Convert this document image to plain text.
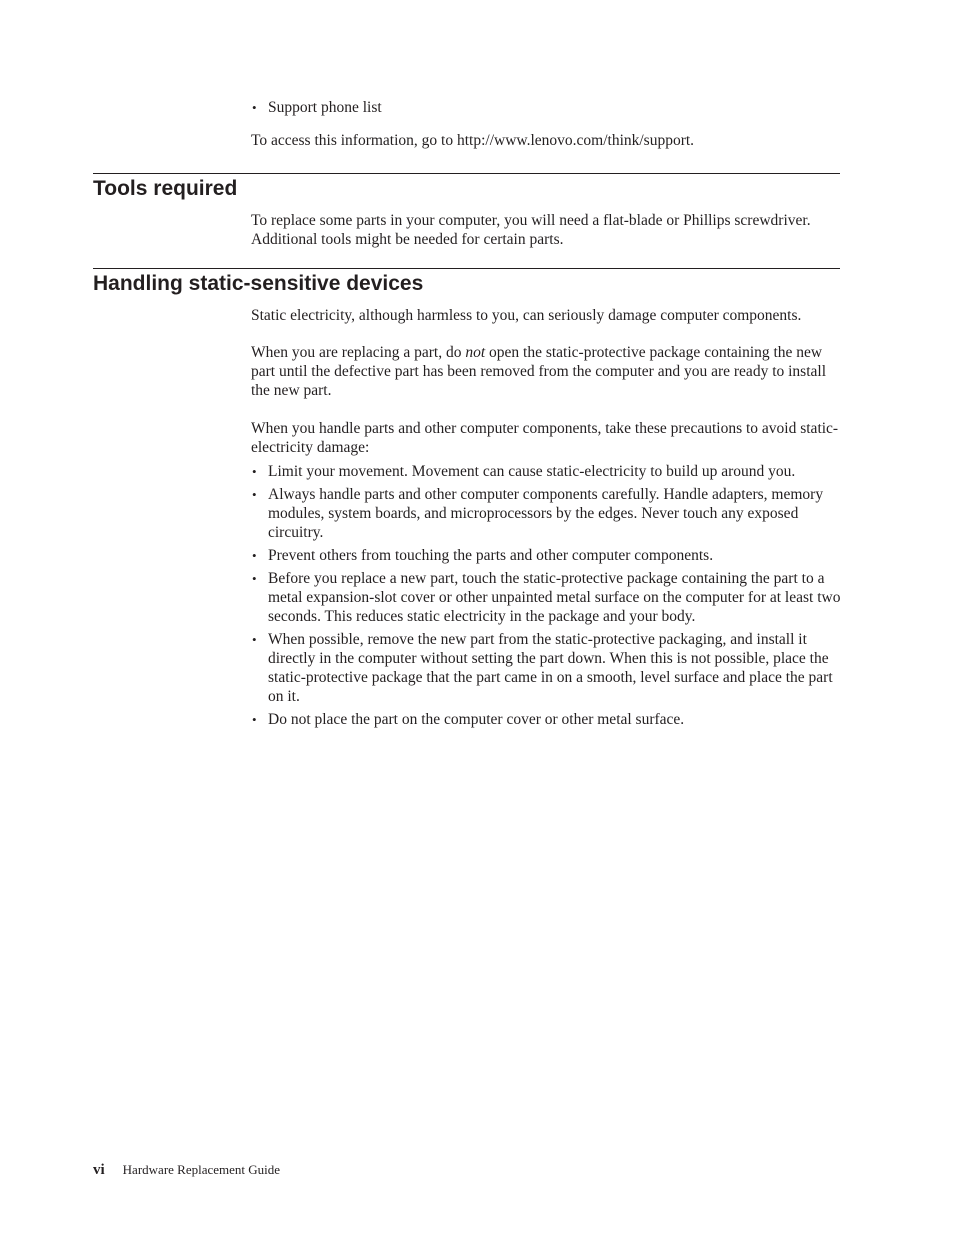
• Support phone list

To access this information, go to http://www.lenovo.com/think/support.

Tools required

To replace some parts in your computer, you will need a flat-blade or Phillips screwdriver. Additional tools might be needed for certain parts.

Handling static-sensitive devices

Static electricity, although harmless to you, can seriously damage computer components.

When you are replacing a part, do not open the static-protective package containing the new part until the defective part has been removed from the computer and you are ready to install the new part.

When you handle parts and other computer components, take these precautions to avoid static-electricity damage:

• Limit your movement. Movement can cause static-electricity to build up around you.
• Always handle parts and other computer components carefully. Handle adapters, memory modules, system boards, and microprocessors by the edges. Never touch any exposed circuitry.
• Prevent others from touching the parts and other computer components.
• Before you replace a new part, touch the static-protective package containing the part to a metal expansion-slot cover or other unpainted metal surface on the computer for at least two seconds. This reduces static electricity in the package and your body.
• When possible, remove the new part from the static-protective packaging, and install it directly in the computer without setting the part down. When this is not possible, place the static-protective package that the part came in on a smooth, level surface and place the part on it.
• Do not place the part on the computer cover or other metal surface.
vi Hardware Replacement Guide
